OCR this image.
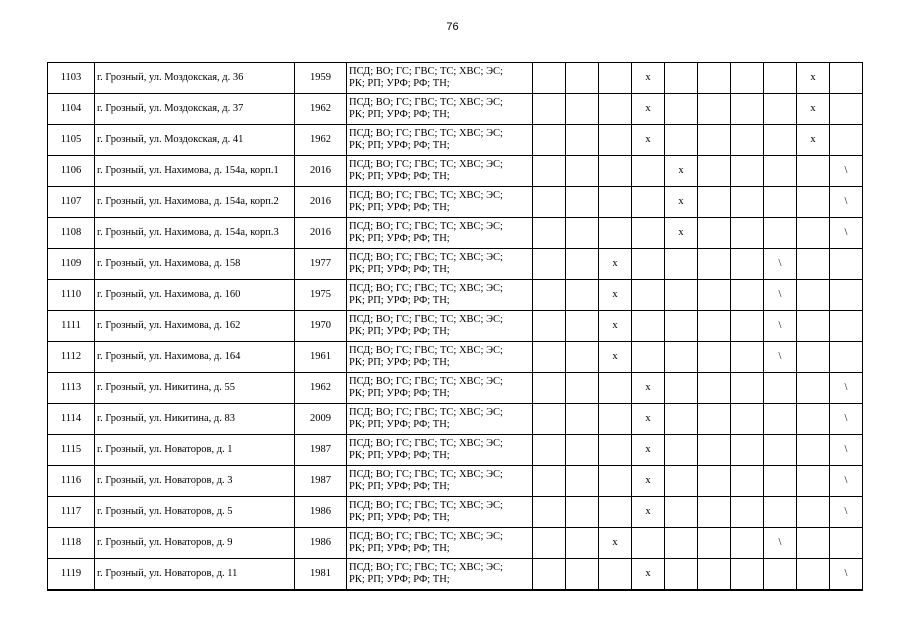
76
1103	г. Грозный, ул. Моздокская, д. 36	1959	ПСД; ВО; ГС; ГВС; ТС; ХВС; ЭС;
РК; РП; УРФ; РФ; ТН;				x					x	
1104	г. Грозный, ул. Моздокская, д. 37	1962	ПСД; ВО; ГС; ГВС; ТС; ХВС; ЭС;
РК; РП; УРФ; РФ; ТН;				x					x	
1105	г. Грозный, ул. Моздокская, д. 41	1962	ПСД; ВО; ГС; ГВС; ТС; ХВС; ЭС;
РК; РП; УРФ; РФ; ТН;				x					x	
1106	г. Грозный, ул. Нахимова, д. 154а, корп.1	2016	ПСД; ВО; ГС; ГВС; ТС; ХВС; ЭС;
РК; РП; УРФ; РФ; ТН;					x					\
1107	г. Грозный, ул. Нахимова, д. 154а, корп.2	2016	ПСД; ВО; ГС; ГВС; ТС; ХВС; ЭС;
РК; РП; УРФ; РФ; ТН;					x					\
1108	г. Грозный, ул. Нахимова, д. 154а, корп.3	2016	ПСД; ВО; ГС; ГВС; ТС; ХВС; ЭС;
РК; РП; УРФ; РФ; ТН;					x					\
1109	г. Грозный, ул. Нахимова, д. 158	1977	ПСД; ВО; ГС; ГВС; ТС; ХВС; ЭС;
РК; РП; УРФ; РФ; ТН;			x					\		
1110	г. Грозный, ул. Нахимова, д. 160	1975	ПСД; ВО; ГС; ГВС; ТС; ХВС; ЭС;
РК; РП; УРФ; РФ; ТН;			x					\		
1111	г. Грозный, ул. Нахимова, д. 162	1970	ПСД; ВО; ГС; ГВС; ТС; ХВС; ЭС;
РК; РП; УРФ; РФ; ТН;			x					\		
1112	г. Грозный, ул. Нахимова, д. 164	1961	ПСД; ВО; ГС; ГВС; ТС; ХВС; ЭС;
РК; РП; УРФ; РФ; ТН;			x					\		
1113	г. Грозный, ул. Никитина, д. 55	1962	ПСД; ВО; ГС; ГВС; ТС; ХВС; ЭС;
РК; РП; УРФ; РФ; ТН;				x						\
1114	г. Грозный, ул. Никитина, д. 83	2009	ПСД; ВО; ГС; ГВС; ТС; ХВС; ЭС;
РК; РП; УРФ; РФ; ТН;				x						\
1115	г. Грозный, ул. Новаторов, д. 1	1987	ПСД; ВО; ГС; ГВС; ТС; ХВС; ЭС;
РК; РП; УРФ; РФ; ТН;				x						\
1116	г. Грозный, ул. Новаторов, д. 3	1987	ПСД; ВО; ГС; ГВС; ТС; ХВС; ЭС;
РК; РП; УРФ; РФ; ТН;				x						\
1117	г. Грозный, ул. Новаторов, д. 5	1986	ПСД; ВО; ГС; ГВС; ТС; ХВС; ЭС;
РК; РП; УРФ; РФ; ТН;				x						\
1118	г. Грозный, ул. Новаторов, д. 9	1986	ПСД; ВО; ГС; ГВС; ТС; ХВС; ЭС;
РК; РП; УРФ; РФ; ТН;			x					\		
1119	г. Грозный, ул. Новаторов, д. 11	1981	ПСД; ВО; ГС; ГВС; ТС; ХВС; ЭС;
РК; РП; УРФ; РФ; ТН;				x						\
